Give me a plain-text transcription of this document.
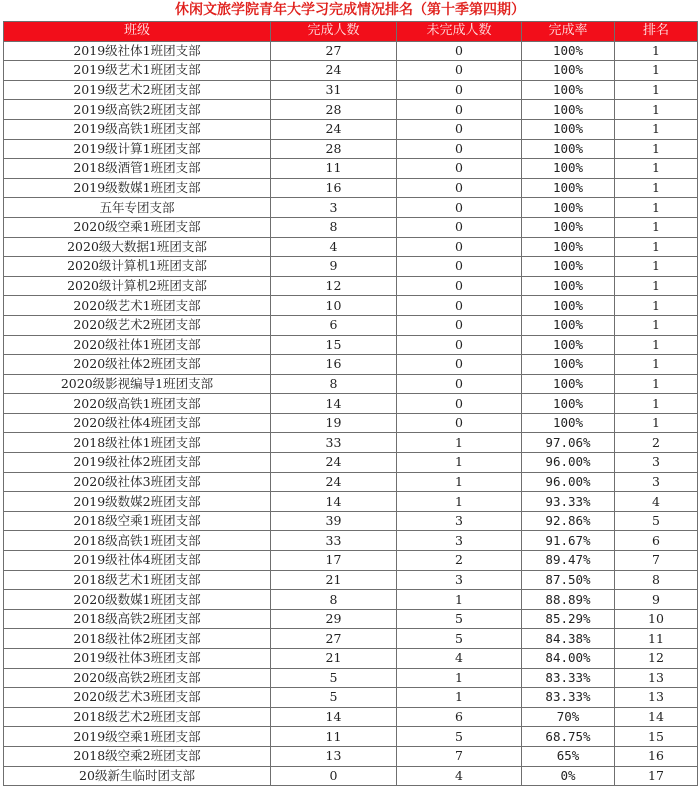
休闲文旅学院青年大学习完成情况排名（第十季第四期）
班级	完成人数	未完成人数	完成率	排名
2019级社体1班团支部	27	0	100%	1
2019级艺术1班团支部	24	0	100%	1
2019级艺术2班团支部	31	0	100%	1
2019级高铁2班团支部	28	0	100%	1
2019级高铁1班团支部	24	0	100%	1
2019级计算1班团支部	28	0	100%	1
2018级酒管1班团支部	11	0	100%	1
2019级数媒1班团支部	16	0	100%	1
五年专团支部	3	0	100%	1
2020级空乘1班团支部	8	0	100%	1
2020级大数据1班团支部	4	0	100%	1
2020级计算机1班团支部	9	0	100%	1
2020级计算机2班团支部	12	0	100%	1
2020级艺术1班团支部	10	0	100%	1
2020级艺术2班团支部	6	0	100%	1
2020级社体1班团支部	15	0	100%	1
2020级社体2班团支部	16	0	100%	1
2020级影视编导1班团支部	8	0	100%	1
2020级高铁1班团支部	14	0	100%	1
2020级社体4班团支部	19	0	100%	1
2018级社体1班团支部	33	1	97.06%	2
2019级社体2班团支部	24	1	96.00%	3
2020级社体3班团支部	24	1	96.00%	3
2019级数媒2班团支部	14	1	93.33%	4
2018级空乘1班团支部	39	3	92.86%	5
2018级高铁1班团支部	33	3	91.67%	6
2019级社体4班团支部	17	2	89.47%	7
2018级艺术1班团支部	21	3	87.50%	8
2020级数媒1班团支部	8	1	88.89%	9
2018级高铁2班团支部	29	5	85.29%	10
2018级社体2班团支部	27	5	84.38%	11
2019级社体3班团支部	21	4	84.00%	12
2020级高铁2班团支部	5	1	83.33%	13
2020级艺术3班团支部	5	1	83.33%	13
2018级艺术2班团支部	14	6	70%	14
2019级空乘1班团支部	11	5	68.75%	15
2018级空乘2班团支部	13	7	65%	16
20级新生临时团支部	0	4	0%	17
